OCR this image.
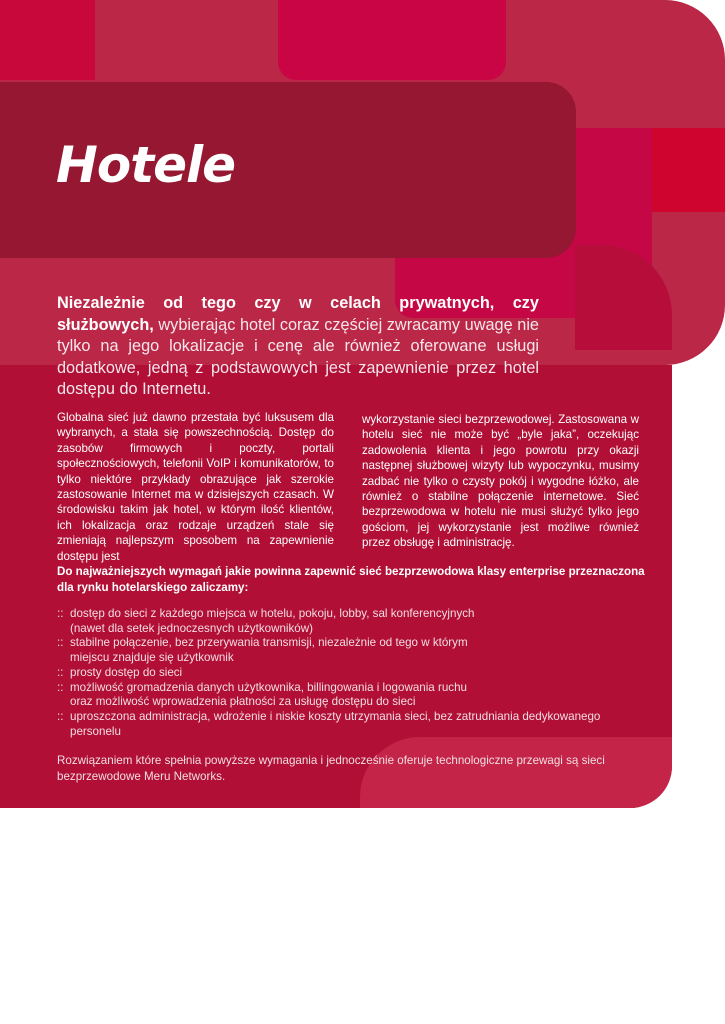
Hotele

Niezależnie od tego czy w celach prywatnych, czy służbowych, wybierając hotel coraz częściej zwracamy uwagę nie tylko na jego lokalizacje i cenę ale również oferowane usługi dodatkowe, jedną z podstawowych jest zapewnienie przez hotel dostępu do Internetu.

Globalna sieć już dawno przestała być luksusem dla wybranych, a stała się powszechnością. Dostęp do zasobów firmowych i poczty, portali społecznościowych, telefonii VoIP i komunikatorów, to tylko niektóre przykłady obrazujące jak szerokie zastosowanie Internet ma w dzisiejszych czasach. W środowisku takim jak hotel, w którym ilość klientów, ich lokalizacja oraz rodzaje urządzeń stale się zmieniają najlepszym sposobem na zapewnienie dostępu jest

wykorzystanie sieci bezprzewodowej. Zastosowana w hotelu sieć nie może być „byle jaka”, oczekując zadowolenia klienta i jego powrotu przy okazji następnej służbowej wizyty lub wypoczynku, musimy zadbać nie tylko o czysty pokój i wygodne łóżko, ale również o stabilne połączenie internetowe. Sieć bezprzewodowa w hotelu nie musi służyć tylko jego gościom, jej wykorzystanie jest możliwe również przez obsługę i administrację.

Do najważniejszych wymagań jakie powinna zapewnić sieć bezprzewodowa klasy enterprise przeznaczona dla rynku hotelarskiego zaliczamy:

:: dostęp do sieci z każdego miejsca w hotelu, pokoju, lobby, sal konferencyjnych
(nawet dla setek jednoczesnych użytkowników)
:: stabilne połączenie, bez przerywania transmisji, niezależnie od tego w którym
miejscu znajduje się użytkownik
:: prosty dostęp do sieci
:: możliwość gromadzenia danych użytkownika, billingowania i logowania ruchu
oraz możliwość wprowadzenia płatności za usługę dostępu do sieci
:: uproszczona administracja, wdrożenie i niskie koszty utrzymania sieci, bez zatrudniania dedykowanego
personelu

Rozwiązaniem które spełnia powyższe wymagania i jednocześnie oferuje technologiczne przewagi są sieci bezprzewodowe Meru Networks.
